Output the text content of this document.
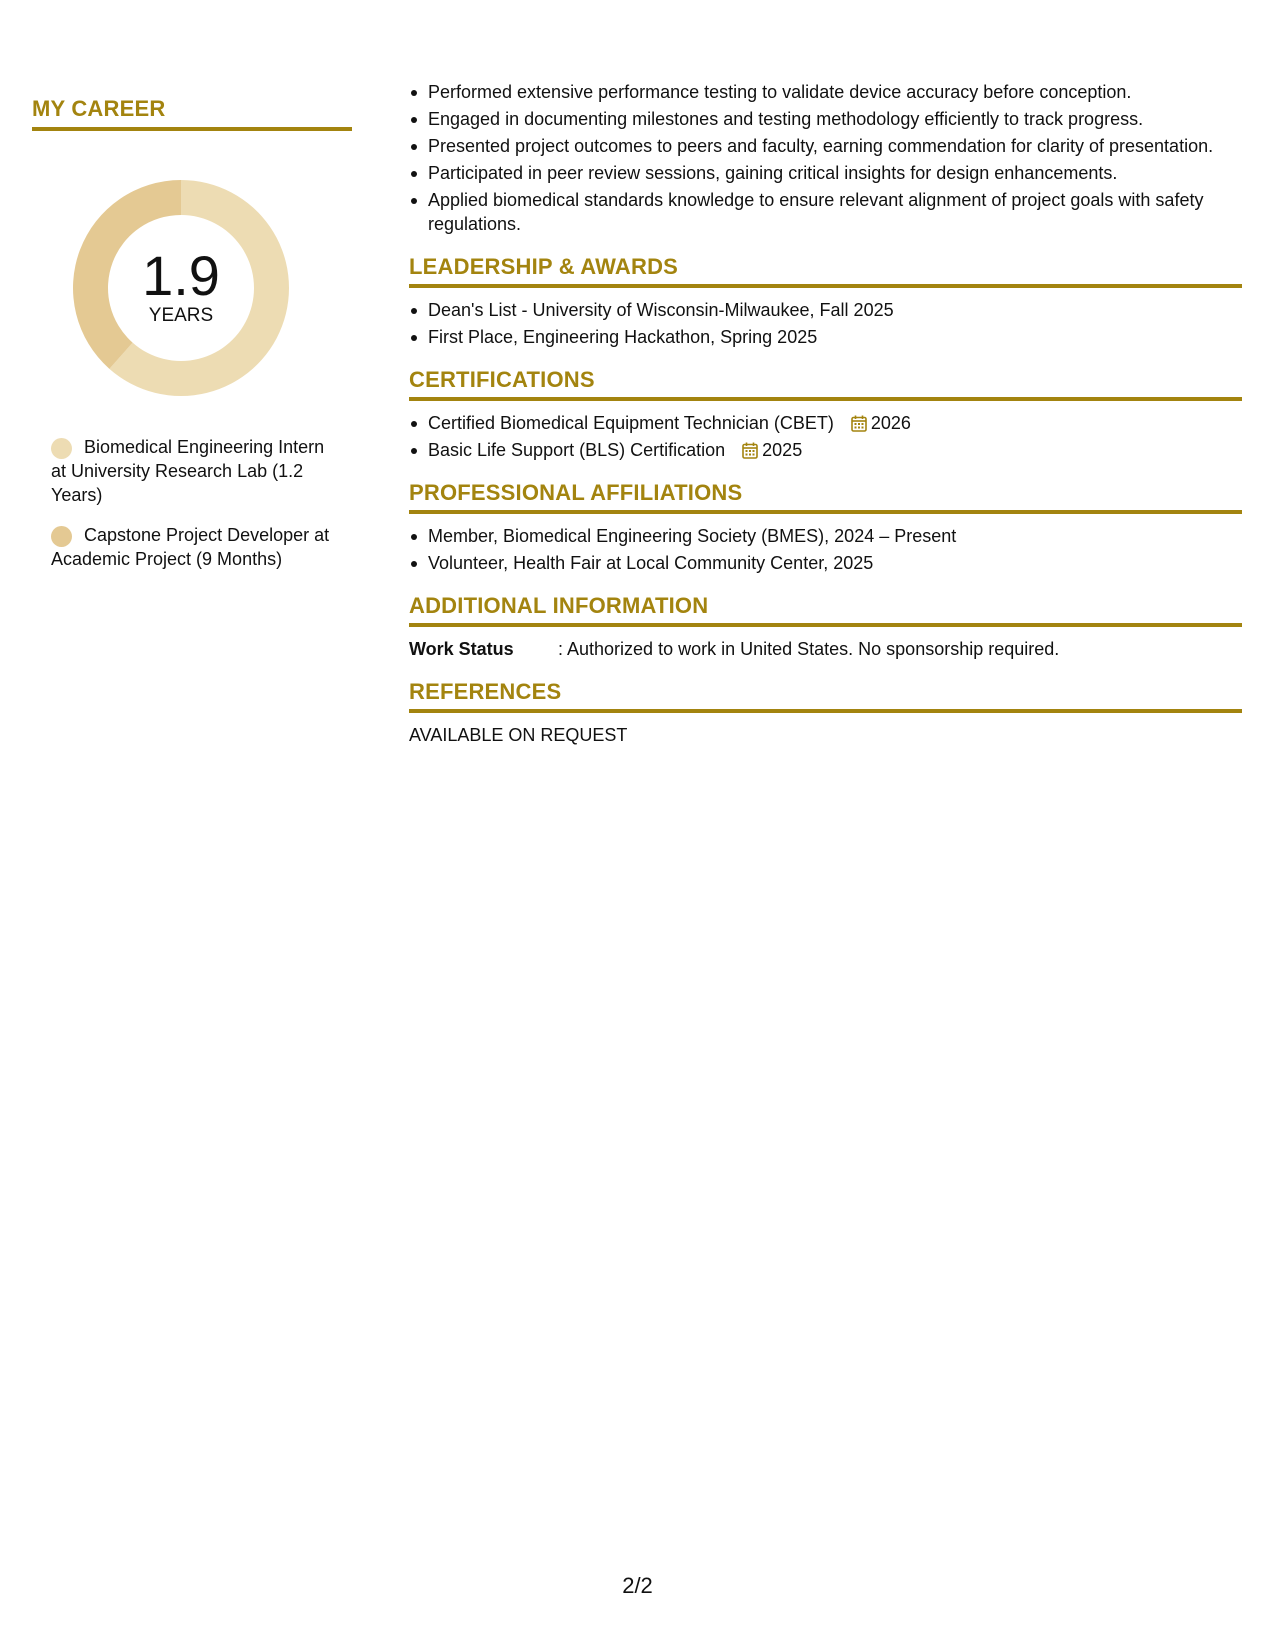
MY CAREER
1.9
YEARS
Biomedical Engineering Intern at University Research Lab (1.2 Years)
Capstone Project Developer at Academic Project (9 Months)
Performed extensive performance testing to validate device accuracy before conception.
Engaged in documenting milestones and testing methodology efficiently to track progress.
Presented project outcomes to peers and faculty, earning commendation for clarity of presentation.
Participated in peer review sessions, gaining critical insights for design enhancements.
Applied biomedical standards knowledge to ensure relevant alignment of project goals with safety regulations.
LEADERSHIP & AWARDS
Dean's List - University of Wisconsin-Milwaukee, Fall 2025
First Place, Engineering Hackathon, Spring 2025
CERTIFICATIONS
Certified Biomedical Equipment Technician (CBET) 2026
Basic Life Support (BLS) Certification 2025
PROFESSIONAL AFFILIATIONS
Member, Biomedical Engineering Society (BMES), 2024 – Present
Volunteer, Health Fair at Local Community Center, 2025
ADDITIONAL INFORMATION
Work Status : Authorized to work in United States. No sponsorship required.
REFERENCES
AVAILABLE ON REQUEST
2/2
